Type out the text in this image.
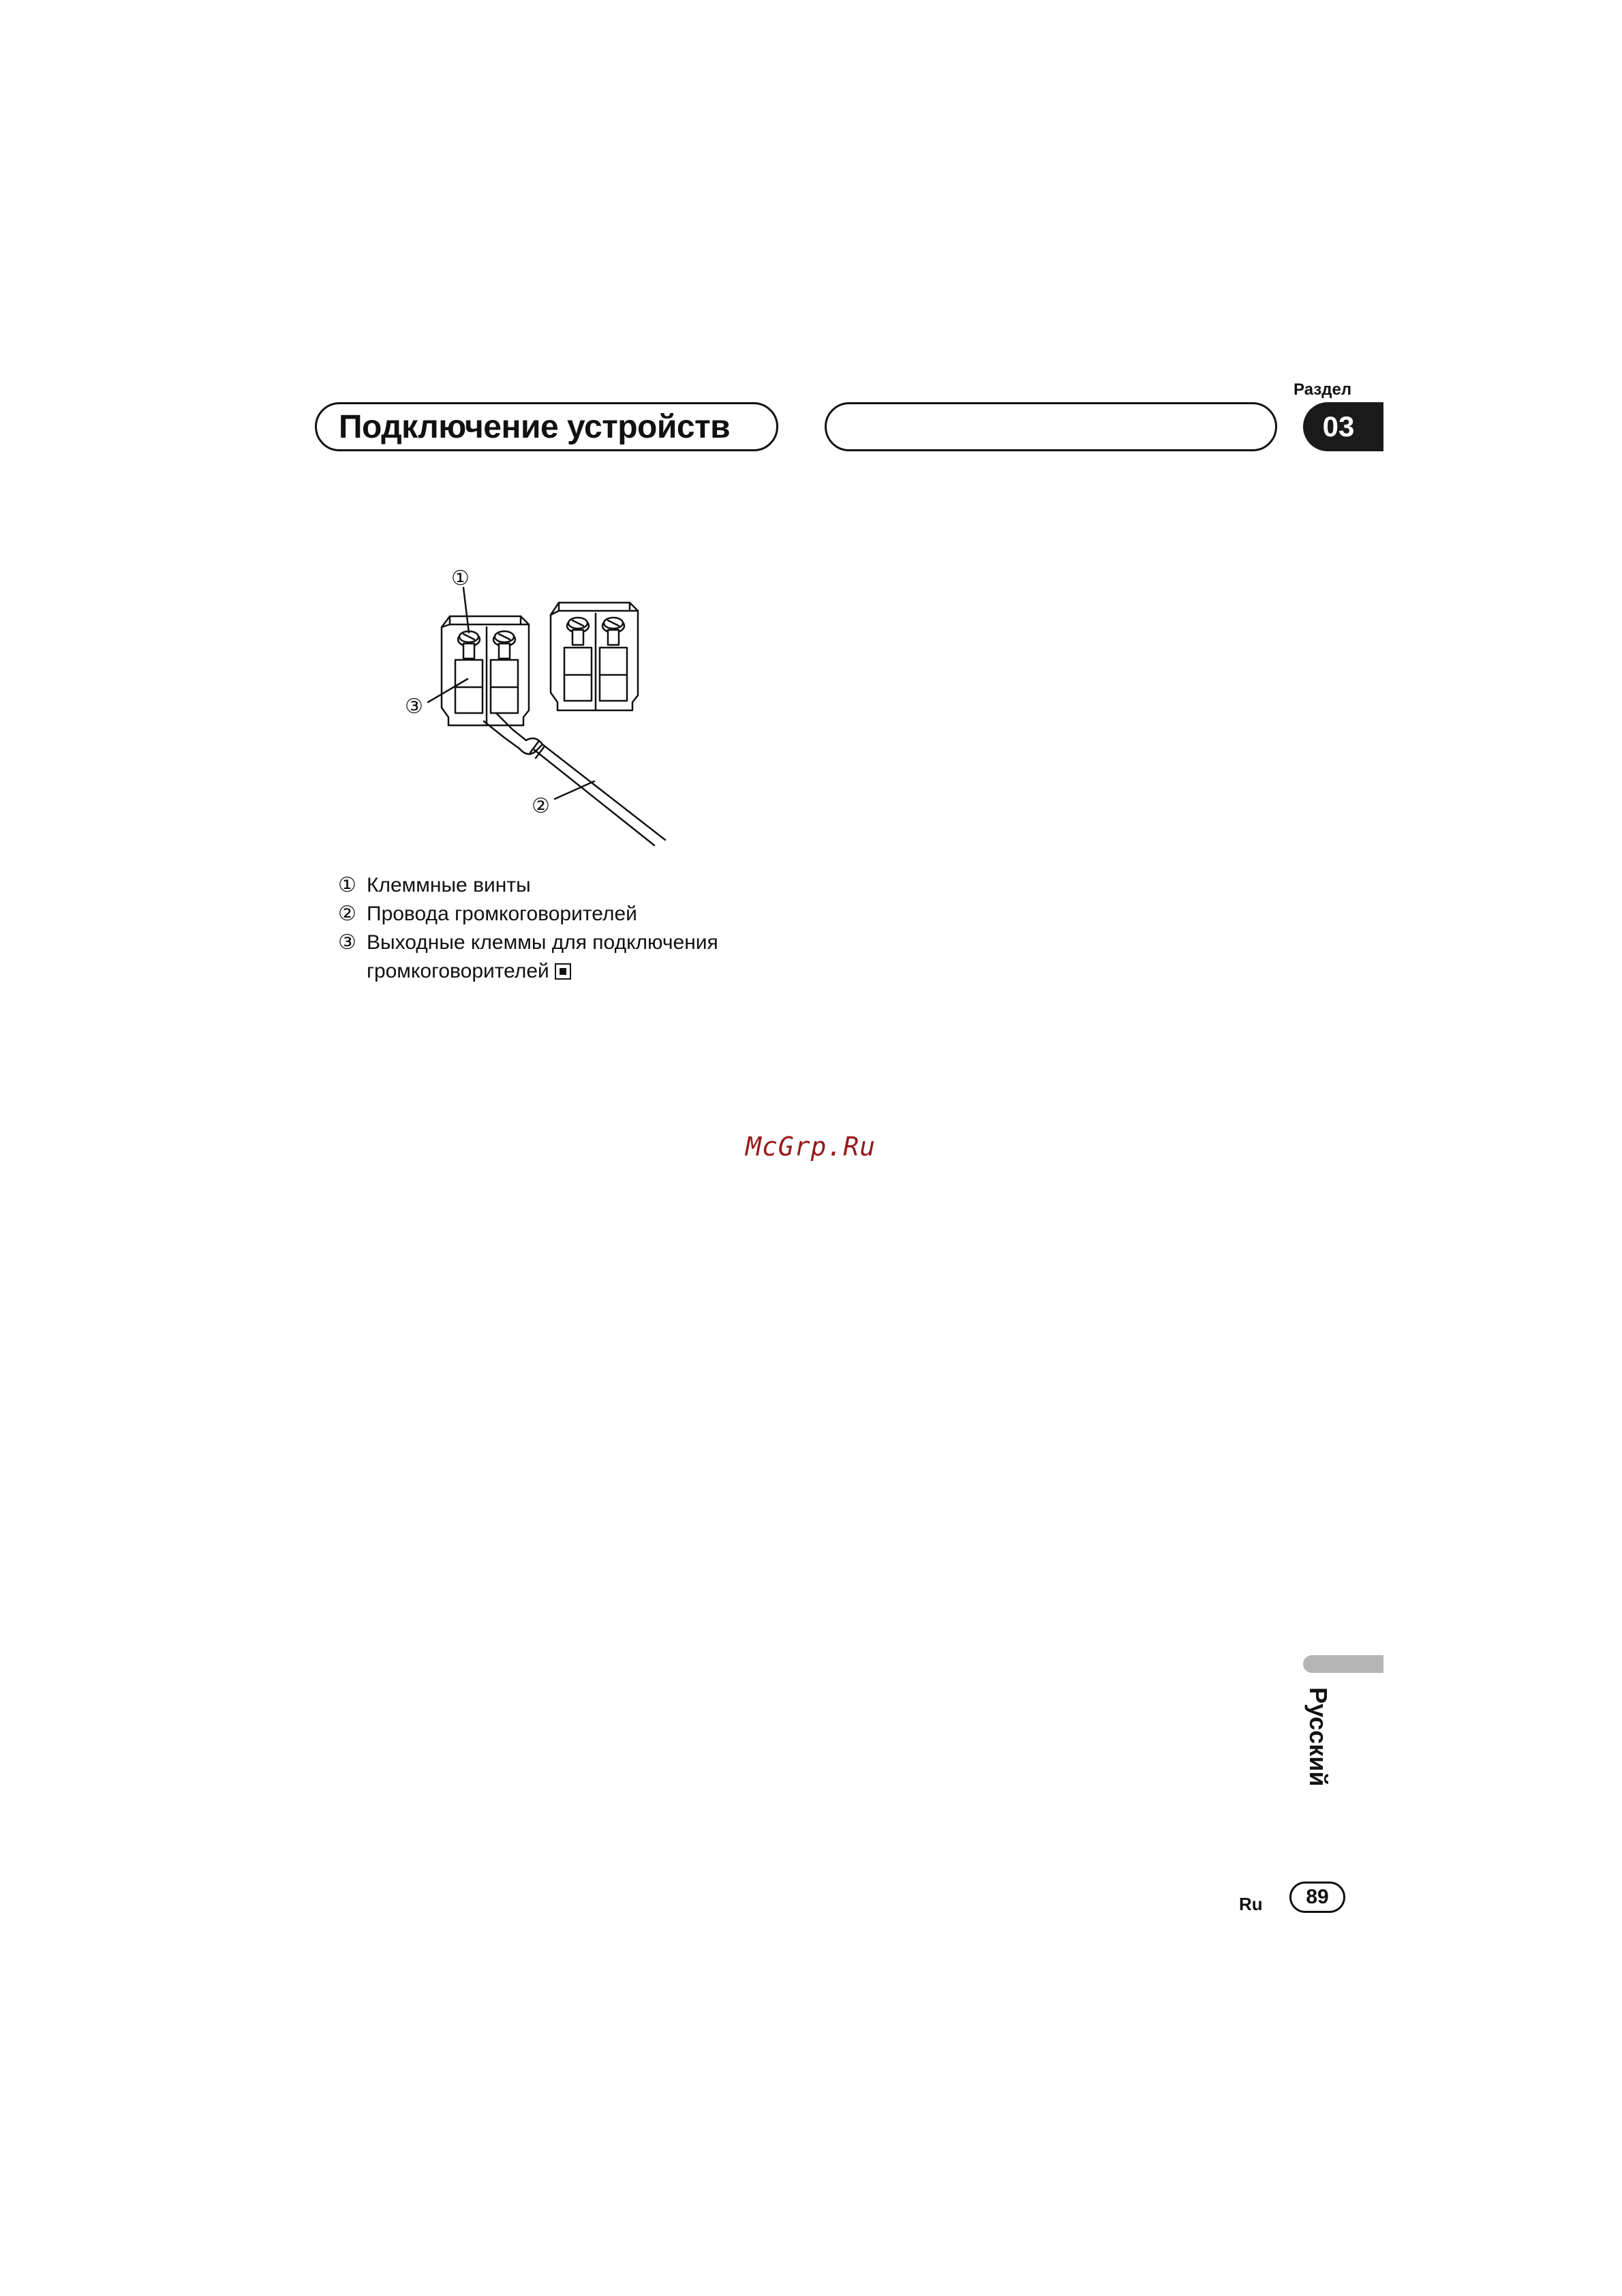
Подключение устройств
Раздел
03
①
③
②
① Клеммные винты
② Провода громкоговорителей
③ Выходные клеммы для подключения громкоговорителей
McGrp.Ru
Русский
Ru	89
